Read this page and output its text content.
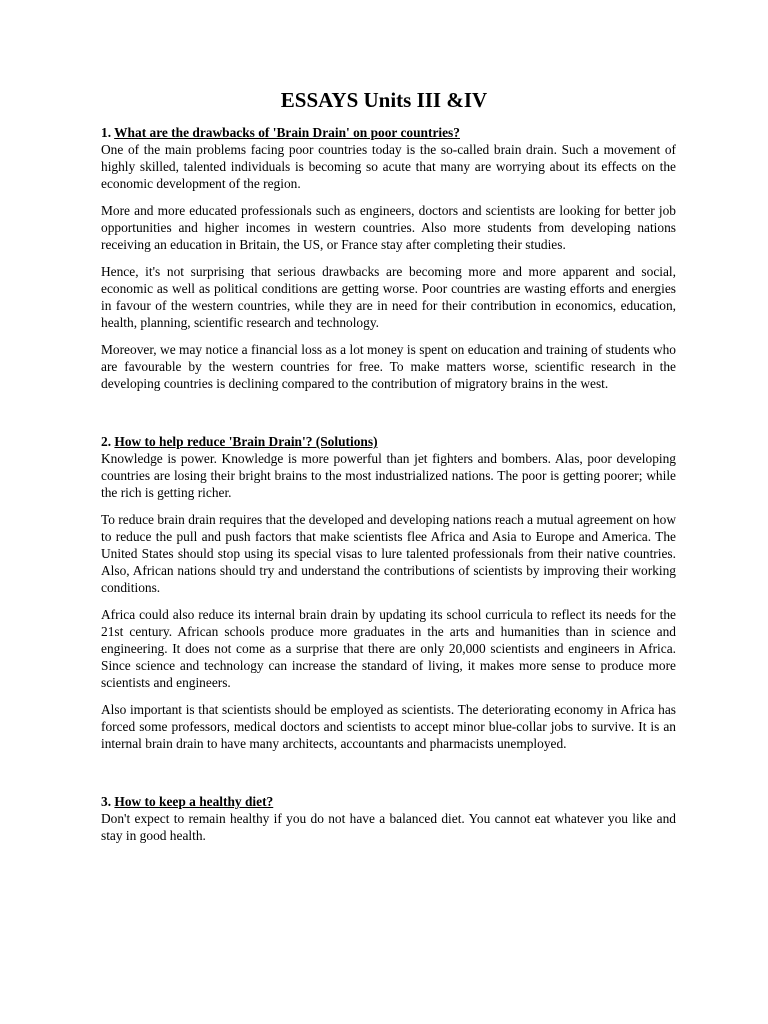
ESSAYS Units III &IV

1. What are the drawbacks of 'Brain Drain' on poor countries?

One of the main problems facing poor countries today is the so-called brain drain. Such a movement of highly skilled, talented individuals is becoming so acute that many are worrying about its effects on the economic development of the region.

More and more educated professionals such as engineers, doctors and scientists are looking for better job opportunities and higher incomes in western countries. Also more students from developing nations receiving an education in Britain, the US, or France stay after completing their studies.

Hence, it's not surprising that serious drawbacks are becoming more and more apparent and social, economic as well as political conditions are getting worse. Poor countries are wasting efforts and energies in favour of the western countries, while they are in need for their contribution in economics, education, health, planning, scientific research and technology.

Moreover, we may notice a financial loss as a lot money is spent on education and training of students who are favourable by the western countries for free. To make matters worse, scientific research in the developing countries is declining compared to the contribution of migratory brains in the west.

2. How to help reduce 'Brain Drain'? (Solutions)

Knowledge is power. Knowledge is more powerful than jet fighters and bombers. Alas, poor developing countries are losing their bright brains to the most industrialized nations. The poor is getting poorer; while the rich is getting richer.

To reduce brain drain requires that the developed and developing nations reach a mutual agreement on how to reduce the pull and push factors that make scientists flee Africa and Asia to Europe and America. The United States should stop using its special visas to lure talented professionals from their native countries. Also, African nations should try and understand the contributions of scientists by improving their working conditions.

Africa could also reduce its internal brain drain by updating its school curricula to reflect its needs for the 21st century. African schools produce more graduates in the arts and humanities than in science and engineering. It does not come as a surprise that there are only 20,000 scientists and engineers in Africa. Since science and technology can increase the standard of living, it makes more sense to produce more scientists and engineers.

Also important is that scientists should be employed as scientists. The deteriorating economy in Africa has forced some professors, medical doctors and scientists to accept minor blue-collar jobs to survive. It is an internal brain drain to have many architects, accountants and pharmacists unemployed.

3. How to keep a healthy diet?

Don't expect to remain healthy if you do not have a balanced diet. You cannot eat whatever you like and stay in good health.
